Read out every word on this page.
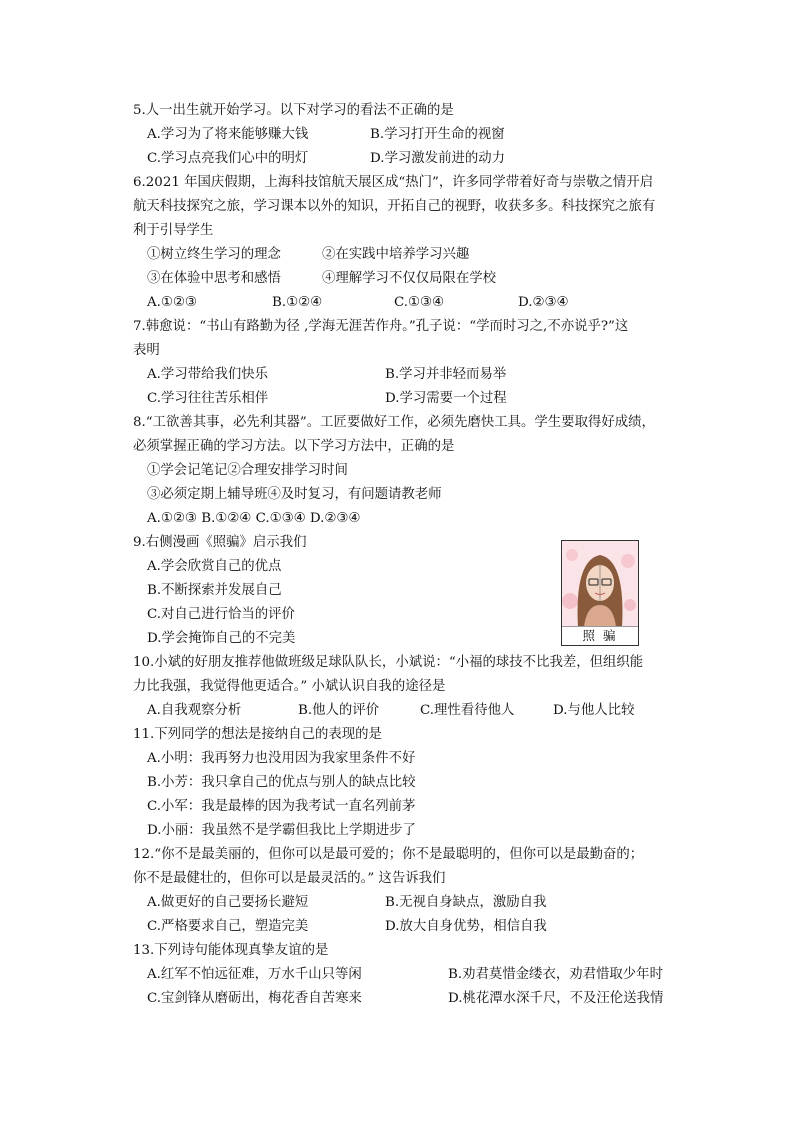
5.人一出生就开始学习。以下对学习的看法不正确的是
A.学习为了将来能够赚大钱	B.学习打开生命的视窗
C.学习点亮我们心中的明灯	D.学习激发前进的动力
6.2021 年国庆假期，上海科技馆航天展区成“热门”，许多同学带着好奇与崇敬之情开启
航天科技探究之旅，学习课本以外的知识，开拓自己的视野，收获多多。科技探究之旅有
利于引导学生
①树立终生学习的理念	②在实践中培养学习兴趣
③在体验中思考和感悟	④理解学习不仅仅局限在学校
A.①②③	B.①②④	C.①③④	D.②③④
7.韩愈说：“书山有路勤为径 ,学海无涯苦作舟。”孔子说：“学而时习之,不亦说乎?”这
表明
A.学习带给我们快乐	B.学习并非轻而易举
C.学习往往苦乐相伴	D.学习需要一个过程
8.“工欲善其事，必先利其器”。工匠要做好工作，必须先磨快工具。学生要取得好成绩，
必须掌握正确的学习方法。以下学习方法中，正确的是
①学会记笔记②合理安排学习时间
③必须定期上辅导班④及时复习，有问题请教老师
A.①②③ B.①②④ C.①③④ D.②③④
9.右侧漫画《照骗》启示我们
A.学会欣赏自己的优点
B.不断探索并发展自己
C.对自己进行恰当的评价
D.学会掩饰自己的不完美	照 骗
10.小斌的好朋友推荐他做班级足球队队长，小斌说：“小福的球技不比我差，但组织能
力比我强，我觉得他更适合。” 小斌认识自我的途径是
A.自我观察分析	B.他人的评价	C.理性看待他人	D.与他人比较
11.下列同学的想法是接纳自己的表现的是
A.小明：我再努力也没用因为我家里条件不好
B.小芳：我只拿自己的优点与别人的缺点比较
C.小军：我是最棒的因为我考试一直名列前茅
D.小丽：我虽然不是学霸但我比上学期进步了
12.“你不是最美丽的，但你可以是最可爱的；你不是最聪明的，但你可以是最勤奋的；
你不是最健壮的，但你可以是最灵活的。” 这告诉我们
A.做更好的自己要扬长避短	B.无视自身缺点，激励自我
C.严格要求自己，塑造完美	D.放大自身优势，相信自我
13.下列诗句能体现真挚友谊的是
A.红军不怕远征难，万水千山只等闲	B.劝君莫惜金缕衣，劝君惜取少年时
C.宝剑锋从磨砺出，梅花香自苦寒来	D.桃花潭水深千尺，不及汪伦送我情
